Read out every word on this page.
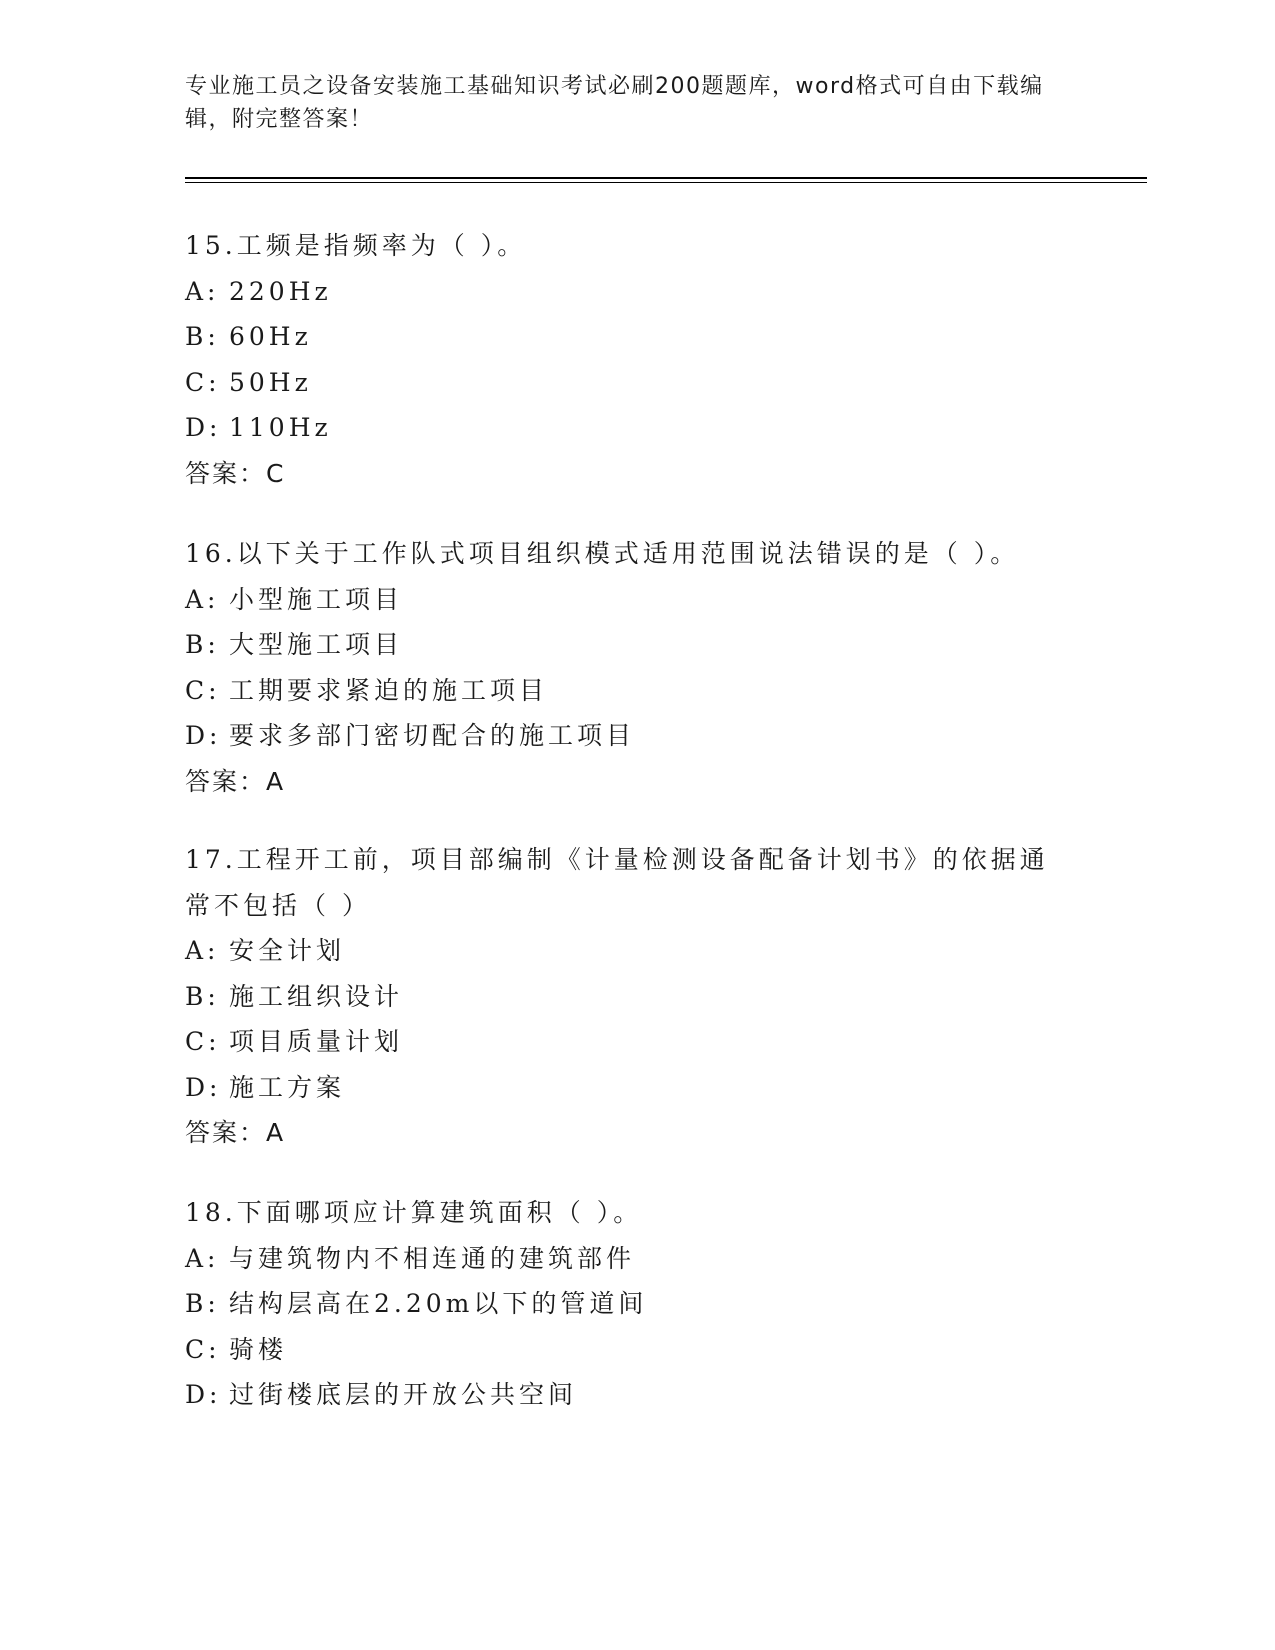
专业施工员之设备安装施工基础知识考试必刷200题题库，word格式可自由下载编辑，附完整答案！
15.工频是指频率为（ ）。
A: 220Hz
B: 60Hz
C: 50Hz
D: 110Hz
答案：C
16.以下关于工作队式项目组织模式适用范围说法错误的是（ ）。
A: 小型施工项目
B: 大型施工项目
C: 工期要求紧迫的施工项目
D: 要求多部门密切配合的施工项目
答案：A
17.工程开工前，项目部编制《计量检测设备配备计划书》的依据通常不包括（ ）
A: 安全计划
B: 施工组织设计
C: 项目质量计划
D: 施工方案
答案：A
18.下面哪项应计算建筑面积（ ）。
A: 与建筑物内不相连通的建筑部件
B: 结构层高在2.20m以下的管道间
C: 骑楼
D: 过街楼底层的开放公共空间
